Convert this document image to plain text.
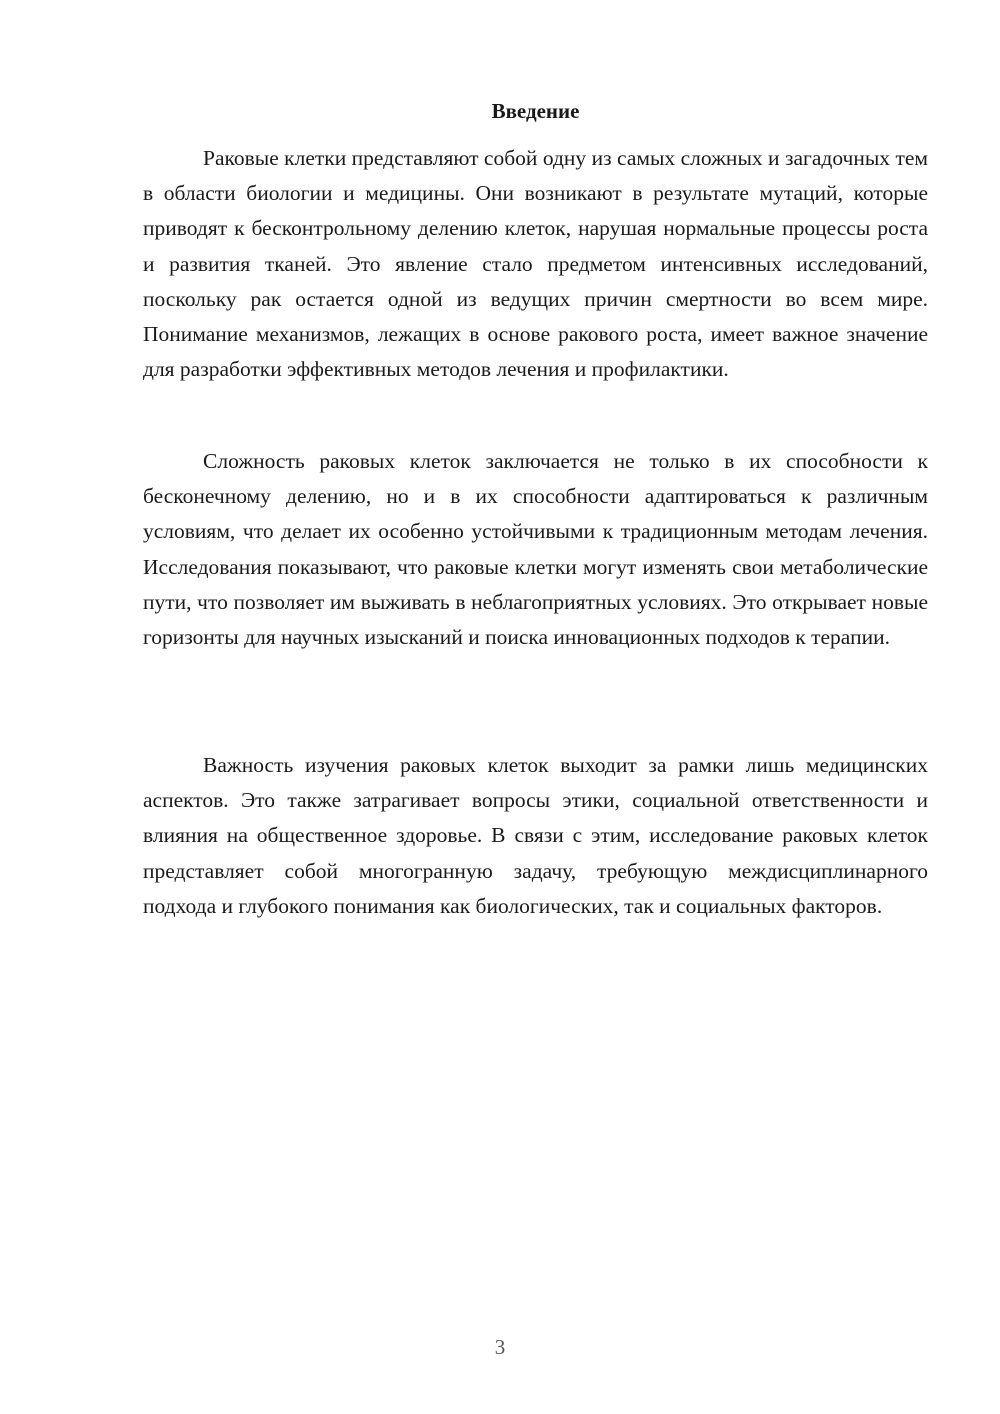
Введение

Раковые клетки представляют собой одну из самых сложных и загадочных тем в области биологии и медицины. Они возникают в результате мутаций, которые приводят к бесконтрольному делению клеток, нарушая нормальные процессы роста и развития тканей. Это явление стало предметом интенсивных исследований, поскольку рак остается одной из ведущих причин смертности во всем мире. Понимание механизмов, лежащих в основе ракового роста, имеет важное значение для разработки эффективных методов лечения и профилактики.

Сложность раковых клеток заключается не только в их способности к бесконечному делению, но и в их способности адаптироваться к различным условиям, что делает их особенно устойчивыми к традиционным методам лечения. Исследования показывают, что раковые клетки могут изменять свои метаболические пути, что позволяет им выживать в неблагоприятных условиях. Это открывает новые горизонты для научных изысканий и поиска инновационных подходов к терапии.

Важность изучения раковых клеток выходит за рамки лишь медицинских аспектов. Это также затрагивает вопросы этики, социальной ответственности и влияния на общественное здоровье. В связи с этим, исследование раковых клеток представляет собой многогранную задачу, требующую междисциплинарного подхода и глубокого понимания как биологических, так и социальных факторов.

3
